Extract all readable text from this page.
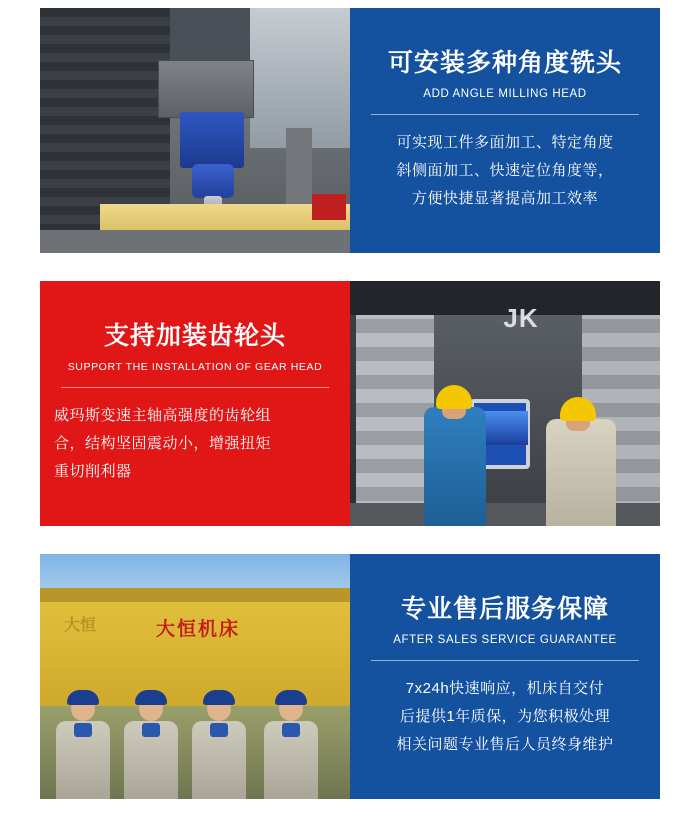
可安装多种角度铣头
ADD ANGLE MILLING HEAD
可实现工件多面加工、特定角度
斜侧面加工、快速定位角度等，
方便快捷显著提高加工效率
支持加装齿轮头
SUPPORT THE INSTALLATION OF GEAR HEAD
威玛斯变速主轴高强度的齿轮组
合，结构坚固震动小，增强扭矩
重切削利器
JK
大恒	大恒机床
专业售后服务保障
AFTER SALES SERVICE GUARANTEE
7x24h快速响应，机床自交付
后提供1年质保，为您积极处理
相关问题专业售后人员终身维护
